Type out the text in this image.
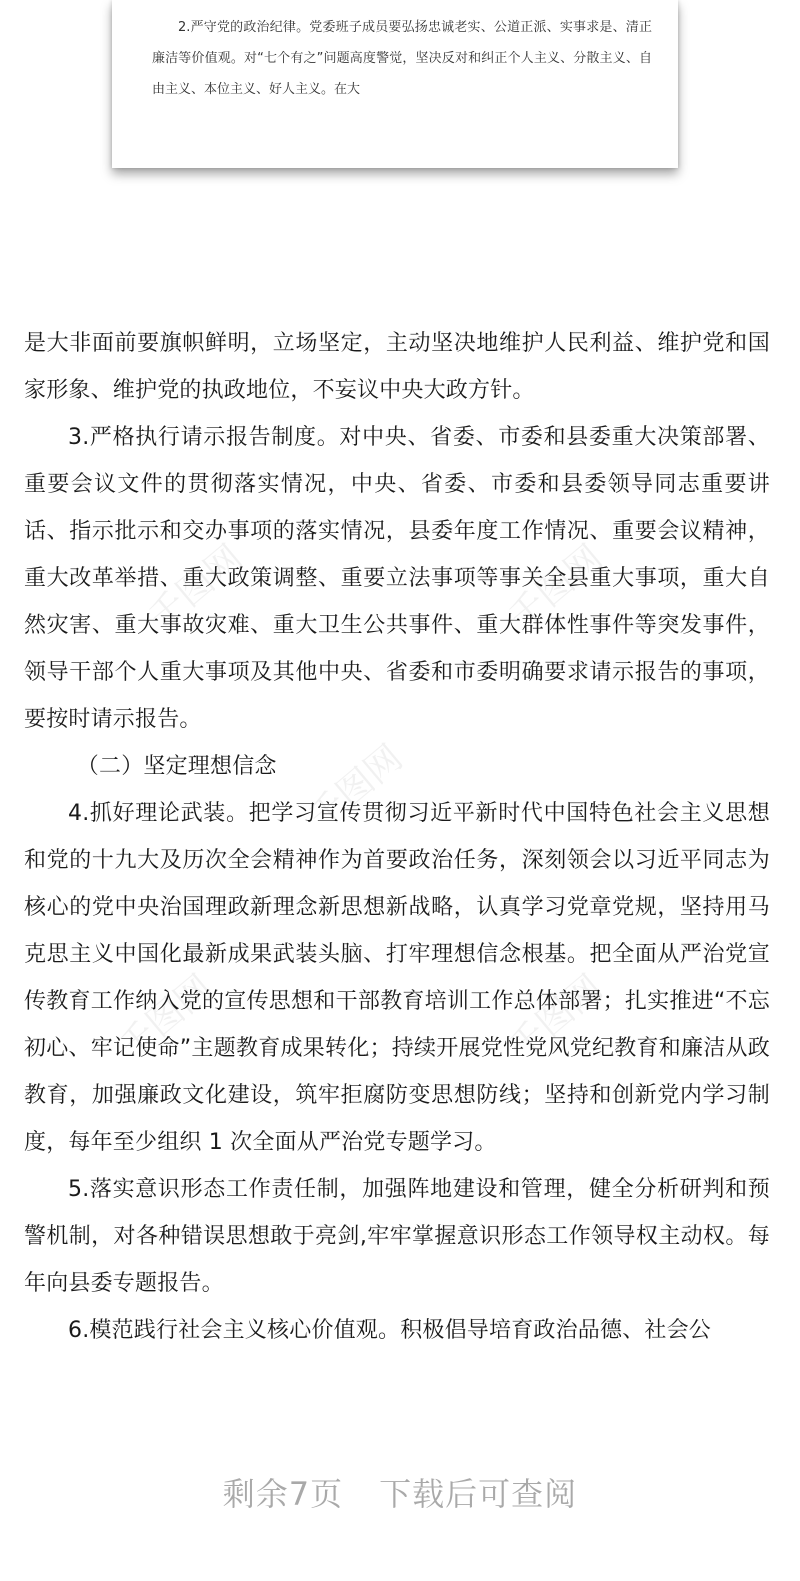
2.严守党的政治纪律。党委班子成员要弘扬忠诚老实、公道正派、实事求是、清正廉洁等价值观。对“七个有之”问题高度警觉，坚决反对和纠正个人主义、分散主义、自由主义、本位主义、好人主义。在大

千图网	千图网
千图网
千图网	千图网

是大非面前要旗帜鲜明，立场坚定，主动坚决地维护人民利益、维护党和国家形象、维护党的执政地位，不妄议中央大政方针。

3.严格执行请示报告制度。对中央、省委、市委和县委重大决策部署、重要会议文件的贯彻落实情况，中央、省委、市委和县委领导同志重要讲话、指示批示和交办事项的落实情况，县委年度工作情况、重要会议精神，重大改革举措、重大政策调整、重要立法事项等事关全县重大事项，重大自然灾害、重大事故灾难、重大卫生公共事件、重大群体性事件等突发事件，领导干部个人重大事项及其他中央、省委和市委明确要求请示报告的事项，要按时请示报告。

（二）坚定理想信念

4.抓好理论武装。把学习宣传贯彻习近平新时代中国特色社会主义思想和党的十九大及历次全会精神作为首要政治任务，深刻领会以习近平同志为核心的党中央治国理政新理念新思想新战略，认真学习党章党规，坚持用马克思主义中国化最新成果武装头脑、打牢理想信念根基。把全面从严治党宣传教育工作纳入党的宣传思想和干部教育培训工作总体部署；扎实推进“不忘初心、牢记使命”主题教育成果转化；持续开展党性党风党纪教育和廉洁从政教育，加强廉政文化建设，筑牢拒腐防变思想防线；坚持和创新党内学习制度，每年至少组织 1 次全面从严治党专题学习。

5.落实意识形态工作责任制，加强阵地建设和管理，健全分析研判和预警机制，对各种错误思想敢于亮剑,牢牢掌握意识形态工作领导权主动权。每年向县委专题报告。

6.模范践行社会主义核心价值观。积极倡导培育政治品德、社会公

剩余7页 下载后可查阅
